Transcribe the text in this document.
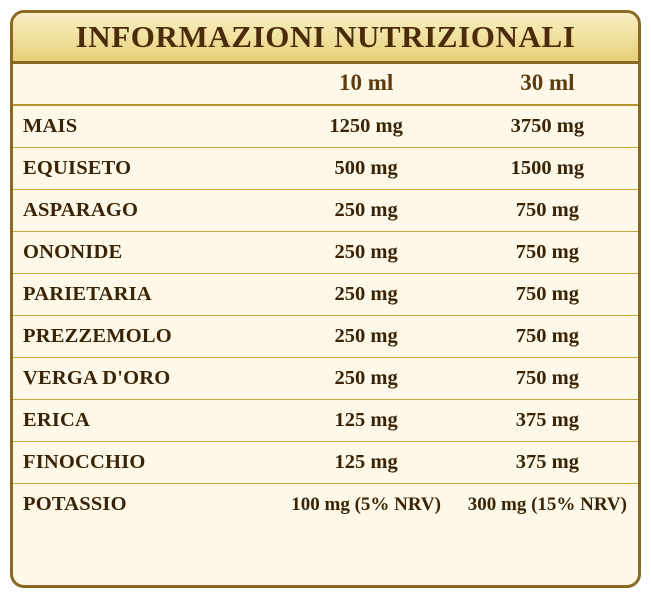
INFORMAZIONI NUTRIZIONALI
	10 ml	30 ml
MAIS	1250 mg	3750 mg
EQUISETO	500 mg	1500 mg
ASPARAGO	250 mg	750 mg
ONONIDE	250 mg	750 mg
PARIETARIA	250 mg	750 mg
PREZZEMOLO	250 mg	750 mg
VERGA D'ORO	250 mg	750 mg
ERICA	125 mg	375 mg
FINOCCHIO	125 mg	375 mg
POTASSIO	100 mg (5% NRV)	300 mg (15% NRV)
